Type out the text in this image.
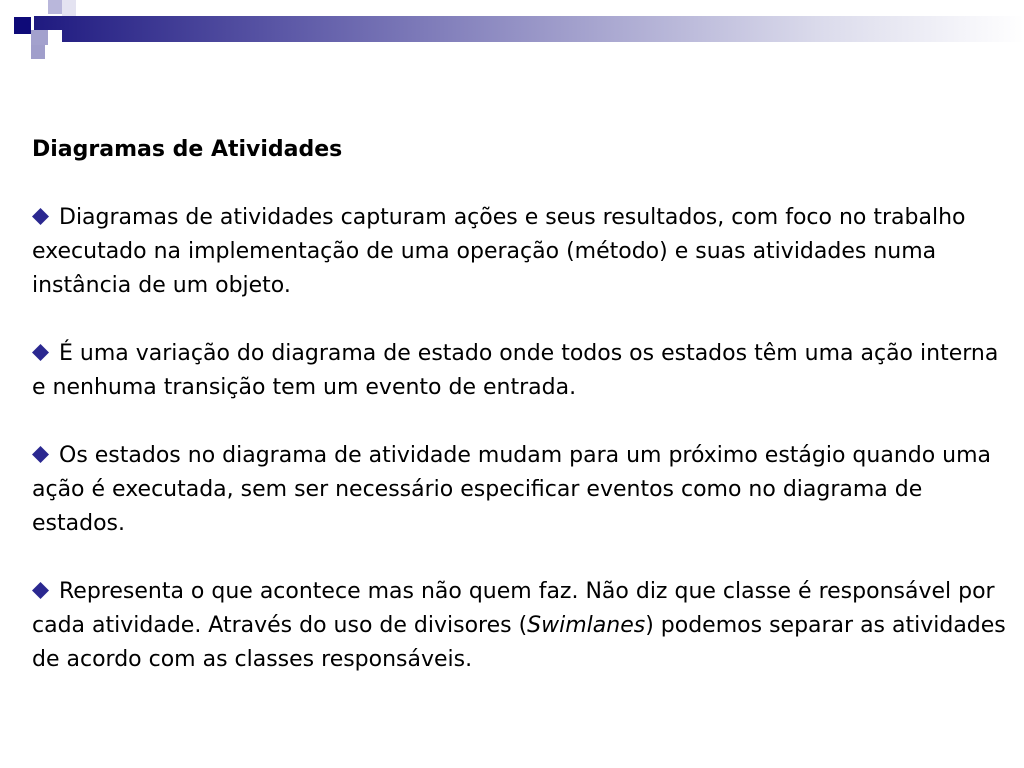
Diagramas de Atividades
Diagramas de atividades capturam ações e seus resultados, com foco no trabalho executado na implementação de uma operação (método) e suas atividades numa instância de um objeto.
É uma variação do diagrama de estado onde todos os estados têm uma ação interna e nenhuma transição tem um evento de entrada.
Os estados no diagrama de atividade mudam para um próximo estágio quando uma ação é executada, sem ser necessário especificar eventos como no diagrama de estados.
Representa o que acontece mas não quem faz. Não diz que classe é responsável por cada atividade. Através do uso de divisores (Swimlanes) podemos separar as atividades de acordo com as classes responsáveis.
